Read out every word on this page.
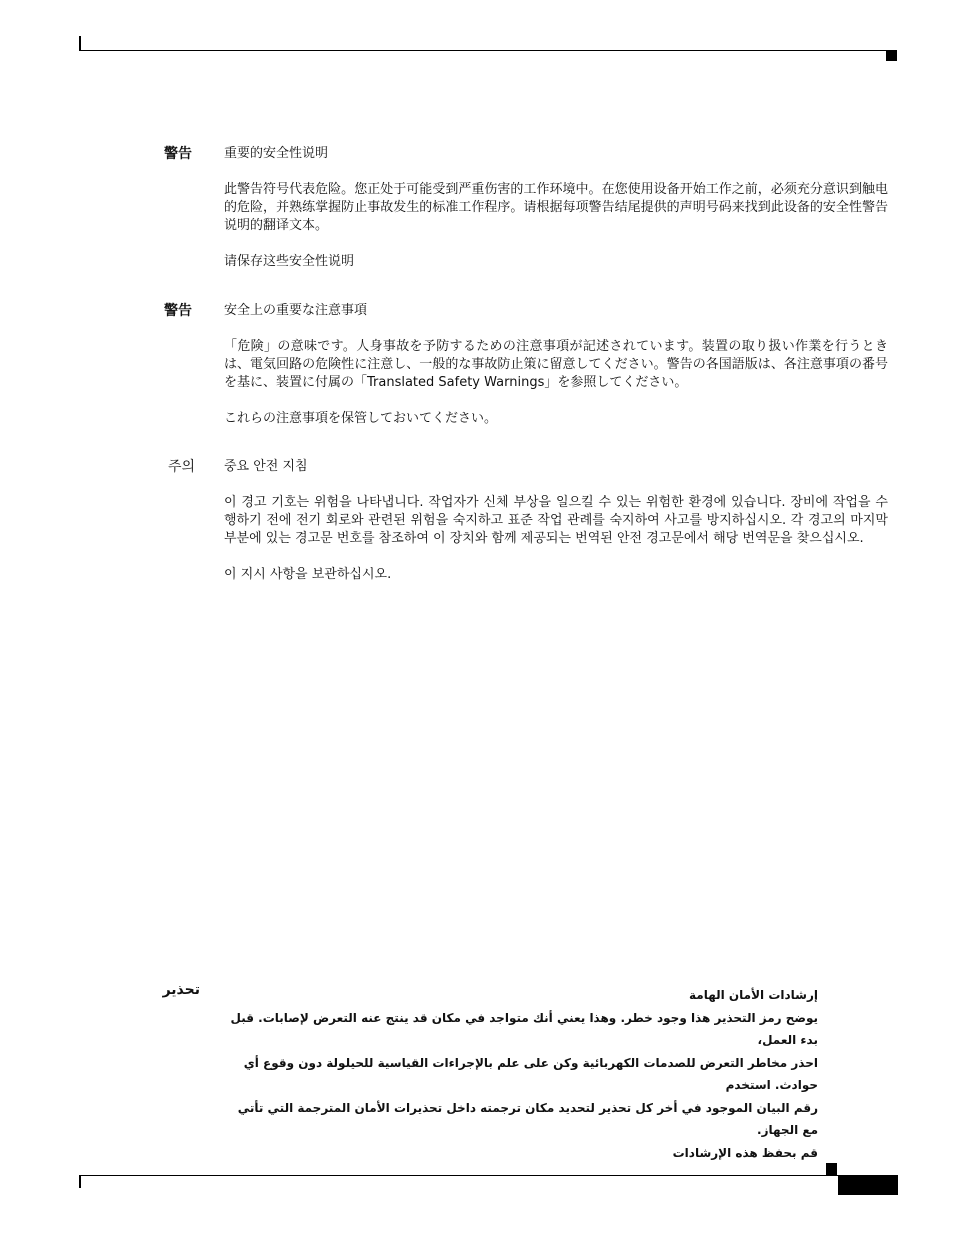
警告	重要的安全性说明

此警告符号代表危险。您正处于可能受到严重伤害的工作环境中。在您使用设备开始工作之前，必须充分意识到触电的危险，并熟练掌握防止事故发生的标准工作程序。请根据每项警告结尾提供的声明号码来找到此设备的安全性警告说明的翻译文本。

请保存这些安全性说明

警告	安全上の重要な注意事項

「危険」の意味です。人身事故を予防するための注意事項が記述されています。装置の取り扱い作業を行うときは、電気回路の危険性に注意し、一般的な事故防止策に留意してください。警告の各国語版は、各注意事項の番号を基に、装置に付属の「Translated Safety Warnings」を参照してください。

これらの注意事項を保管しておいてください。

주의	중요 안전 지침

이 경고 기호는 위험을 나타냅니다. 작업자가 신체 부상을 일으킬 수 있는 위험한 환경에 있습니다. 장비에 작업을 수행하기 전에 전기 회로와 관련된 위험을 숙지하고 표준 작업 관례를 숙지하여 사고를 방지하십시오. 각 경고의 마지막 부분에 있는 경고문 번호를 참조하여 이 장치와 함께 제공되는 번역된 안전 경고문에서 해당 번역문을 찾으십시오.

이 지시 사항을 보관하십시오.

تحذير	إرشادات الأمان الهامة

يوضح رمز التحذير هذا وجود خطر. وهذا يعني أنك متواجد في مكان قد ينتج عنه التعرض لإصابات. قبل بدء العمل،

احذر مخاطر التعرض للصدمات الكهربائية وكن على علم بالإجراءات القياسية للحيلولة دون وقوع أي حوادث. استخدم

رقم البيان الموجود في أخر كل تحذير لتحديد مكان ترجمته داخل تحذيرات الأمان المترجمة التي تأتي مع الجهاز.

قم بحفظ هذه الإرشادات
